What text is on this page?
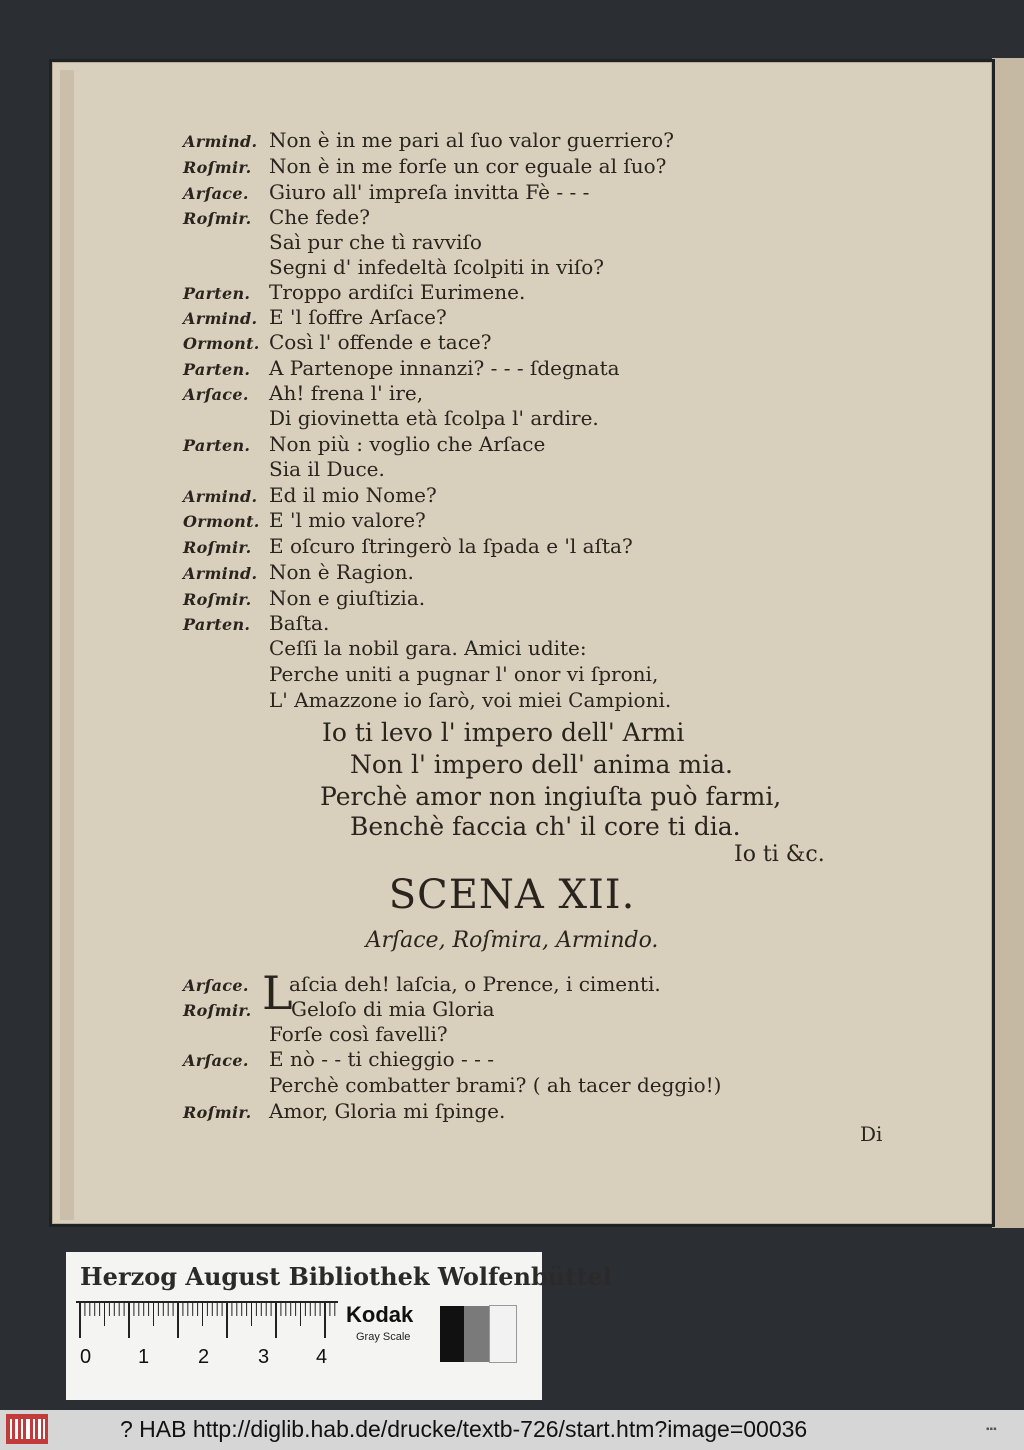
Armind. Non è in me pari al ſuo valor guerriero?
Roſmir. Non è in me forſe un cor eguale al ſuo?
Arſace. Giuro all' impreſa invitta Fè - - -
Roſmir. Che fede?
Saì pur che tì ravviſo
Segni d' infedeltà ſcolpiti in viſo?
Parten. Troppo ardiſci Eurimene.
Armind. E 'l ſoffre Arſace?
Ormont. Così l' offende e tace?
Parten. A Partenope innanzi? - - - ſdegnata
Arſace. Ah! frena l' ire,
Di giovinetta età ſcolpa l' ardire.
Parten. Non più : voglio che Arſace
Sia il Duce.
Armind. Ed il mio Nome?
Ormont. E 'l mio valore?
Roſmir. E oſcuro ſtringerò la ſpada e 'l aſta?
Armind. Non è Ragion.
Roſmir. Non e giuſtizia.
Parten. Baſta.
Ceſſi la nobil gara. Amici udite:
Perche uniti a pugnar l' onor vi ſproni,
L' Amazzone io ſarò, voi miei Campioni.
Io ti levo l' impero dell' Armi
Non l' impero dell' anima mia.
Perchè amor non ingiuſta può farmi,
Benchè faccia ch' il core ti dia.
Io ti &c.
SCENA XII.
Arſace, Roſmira, Armindo.
L
Arſace. aſcia deh! laſcia, o Prence, i cimenti.
Roſmir. Geloſo di mia Gloria
Forſe così favelli?
Arſace. E nò - - ti chieggio - - -
Perchè combatter brami? ( ah tacer deggio!)
Roſmir. Amor, Gloria mi ſpinge.
Di
Herzog August Bibliothek Wolfenbüttel
0 1 2 3 4
Kodak
Gray Scale
? HAB http://diglib.hab.de/drucke/textb-726/start.htm?image=00036	▪▪▪
